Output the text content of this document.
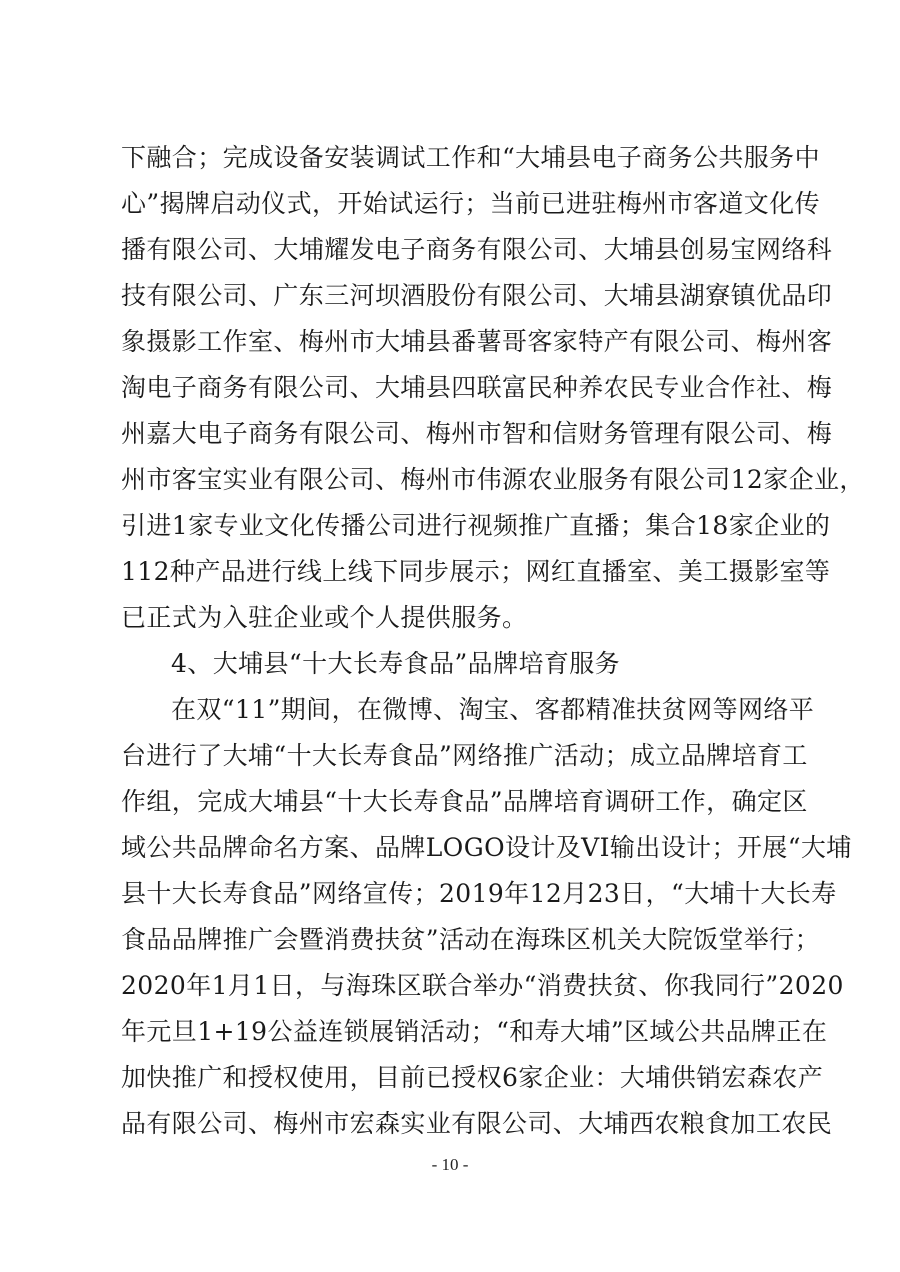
下融合；完成设备安装调试工作和“大埔县电子商务公共服务中
心”揭牌启动仪式，开始试运行；当前已进驻梅州市客道文化传
播有限公司、大埔耀发电子商务有限公司、大埔县创易宝网络科
技有限公司、广东三河坝酒股份有限公司、大埔县湖寮镇优品印
象摄影工作室、梅州市大埔县番薯哥客家特产有限公司、梅州客
淘电子商务有限公司、大埔县四联富民种养农民专业合作社、梅
州嘉大电子商务有限公司、梅州市智和信财务管理有限公司、梅
州市客宝实业有限公司、梅州市伟源农业服务有限公司12家企业，
引进1家专业文化传播公司进行视频推广直播；集合18家企业的
112种产品进行线上线下同步展示；网红直播室、美工摄影室等
已正式为入驻企业或个人提供服务。
4、大埔县“十大长寿食品”品牌培育服务
在双“11”期间，在微博、淘宝、客都精准扶贫网等网络平
台进行了大埔“十大长寿食品”网络推广活动；成立品牌培育工
作组，完成大埔县“十大长寿食品”品牌培育调研工作，确定区
域公共品牌命名方案、品牌LOGO设计及VI输出设计；开展“大埔
县十大长寿食品”网络宣传；2019年12月23日，“大埔十大长寿
食品品牌推广会暨消费扶贫”活动在海珠区机关大院饭堂举行；
2020年1月1日，与海珠区联合举办“消费扶贫、你我同行”2020
年元旦1+19公益连锁展销活动；“和寿大埔”区域公共品牌正在
加快推广和授权使用，目前已授权6家企业：大埔供销宏森农产
品有限公司、梅州市宏森实业有限公司、大埔西农粮食加工农民
- 10 -
